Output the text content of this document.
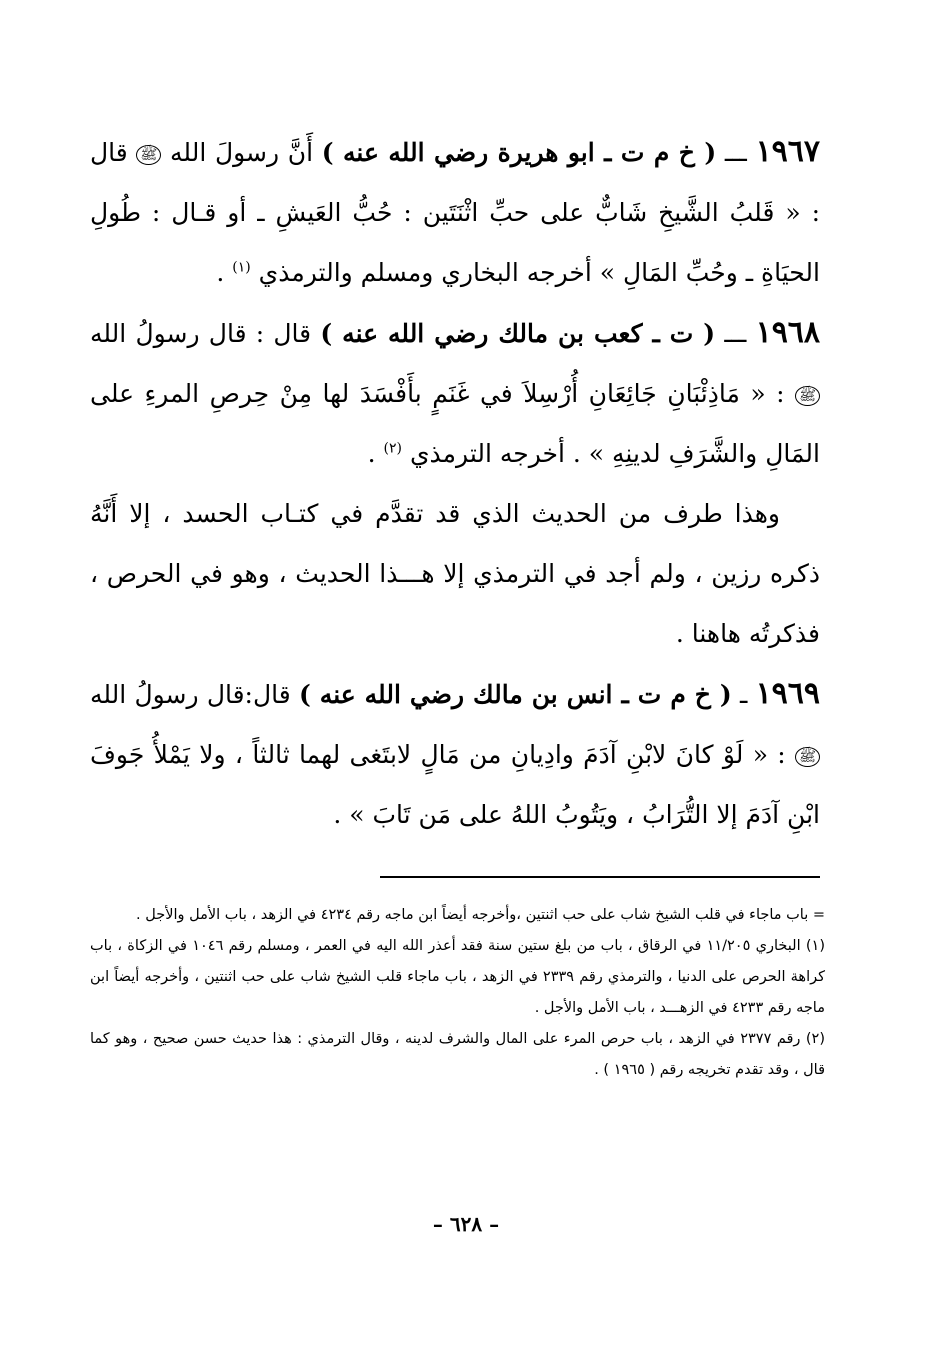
١٩٦٧ ـــ ( خ م ت ـ ابو هريرة رضي الله عنه ) أَنَّ رسولَ الله ﷺ قال : « قَلبُ الشَّيخِ شَابٌّ على حبِّ اثْنَتَين : حُبُّ العَيشِ ـ أو قـال : طُولِ الحيَاةِ ـ وحُبِّ المَالِ » أخرجه البخاري ومسلم والترمذي $^{(١)}$ .

١٩٦٨ ـــ ( ت ـ كعب بن مالك رضي الله عنه ) قال : قال رسولُ الله ﷺ : « مَاذِئْبَانِ جَائِعَانِ أُرْسِلاَ في غَنَمٍ بأَفْسَدَ لها مِنْ حِرصِ المرءِ على المَالِ والشَّرَفِ لدينِهِ » . أخرجه الترمذي $^{(٢)}$ .

وهذا طرف من الحديث الذي قد تقدَّم في كتـاب الحسد ، إلا أَنَّهُ ذكره رزين ، ولم أجد في الترمذي إلا هـــذا الحديث ، وهو في الحرص ، فذكرتُه هاهنا .

١٩٦٩ ـ ( خ م ت ـ انس بن مالك رضي الله عنه ) قال:قال رسولُ الله ﷺ : « لَوْ كانَ لابْنِ آدَمَ وادِيانِ من مَالٍ لابتَغى لهما ثالثاً ، ولا يَمْلأُ جَوفَ ابْنِ آدَمَ إلا التُّرَابُ ، ويَتُوبُ اللهُ على مَن تَابَ » .

= باب ماجاء في قلب الشيخ شاب على حب اثنتين ،وأخرجه أيضاً ابن ماجه رقم ٤٢٣٤ في الزهد ، باب الأمل والأجل .

(١) البخاري ١١/٢٠٥ في الرقاق ، باب من بلغ ستين سنة فقد أعذر الله اليه في العمر ، ومسلم رقم ١٠٤٦ في الزكاة ، باب كراهة الحرص على الدنيا ، والترمذي رقم ٢٣٣٩ في الزهد ، باب ماجاء قلب الشيخ شاب على حب اثنتين ، وأخرجه أيضاً ابن ماجه رقم ٤٢٣٣ في الزهـــد ، باب الأمل والأجل .

(٢) رقم ٢٣٧٧ في الزهد ، باب حرص المرء على المال والشرف لدينه ، وقال الترمذي : هذا حديث حسن صحيح ، وهو كما قال ، وقد تقدم تخريجه رقم ( ١٩٦٥ ) .

– ٦٢٨ –
